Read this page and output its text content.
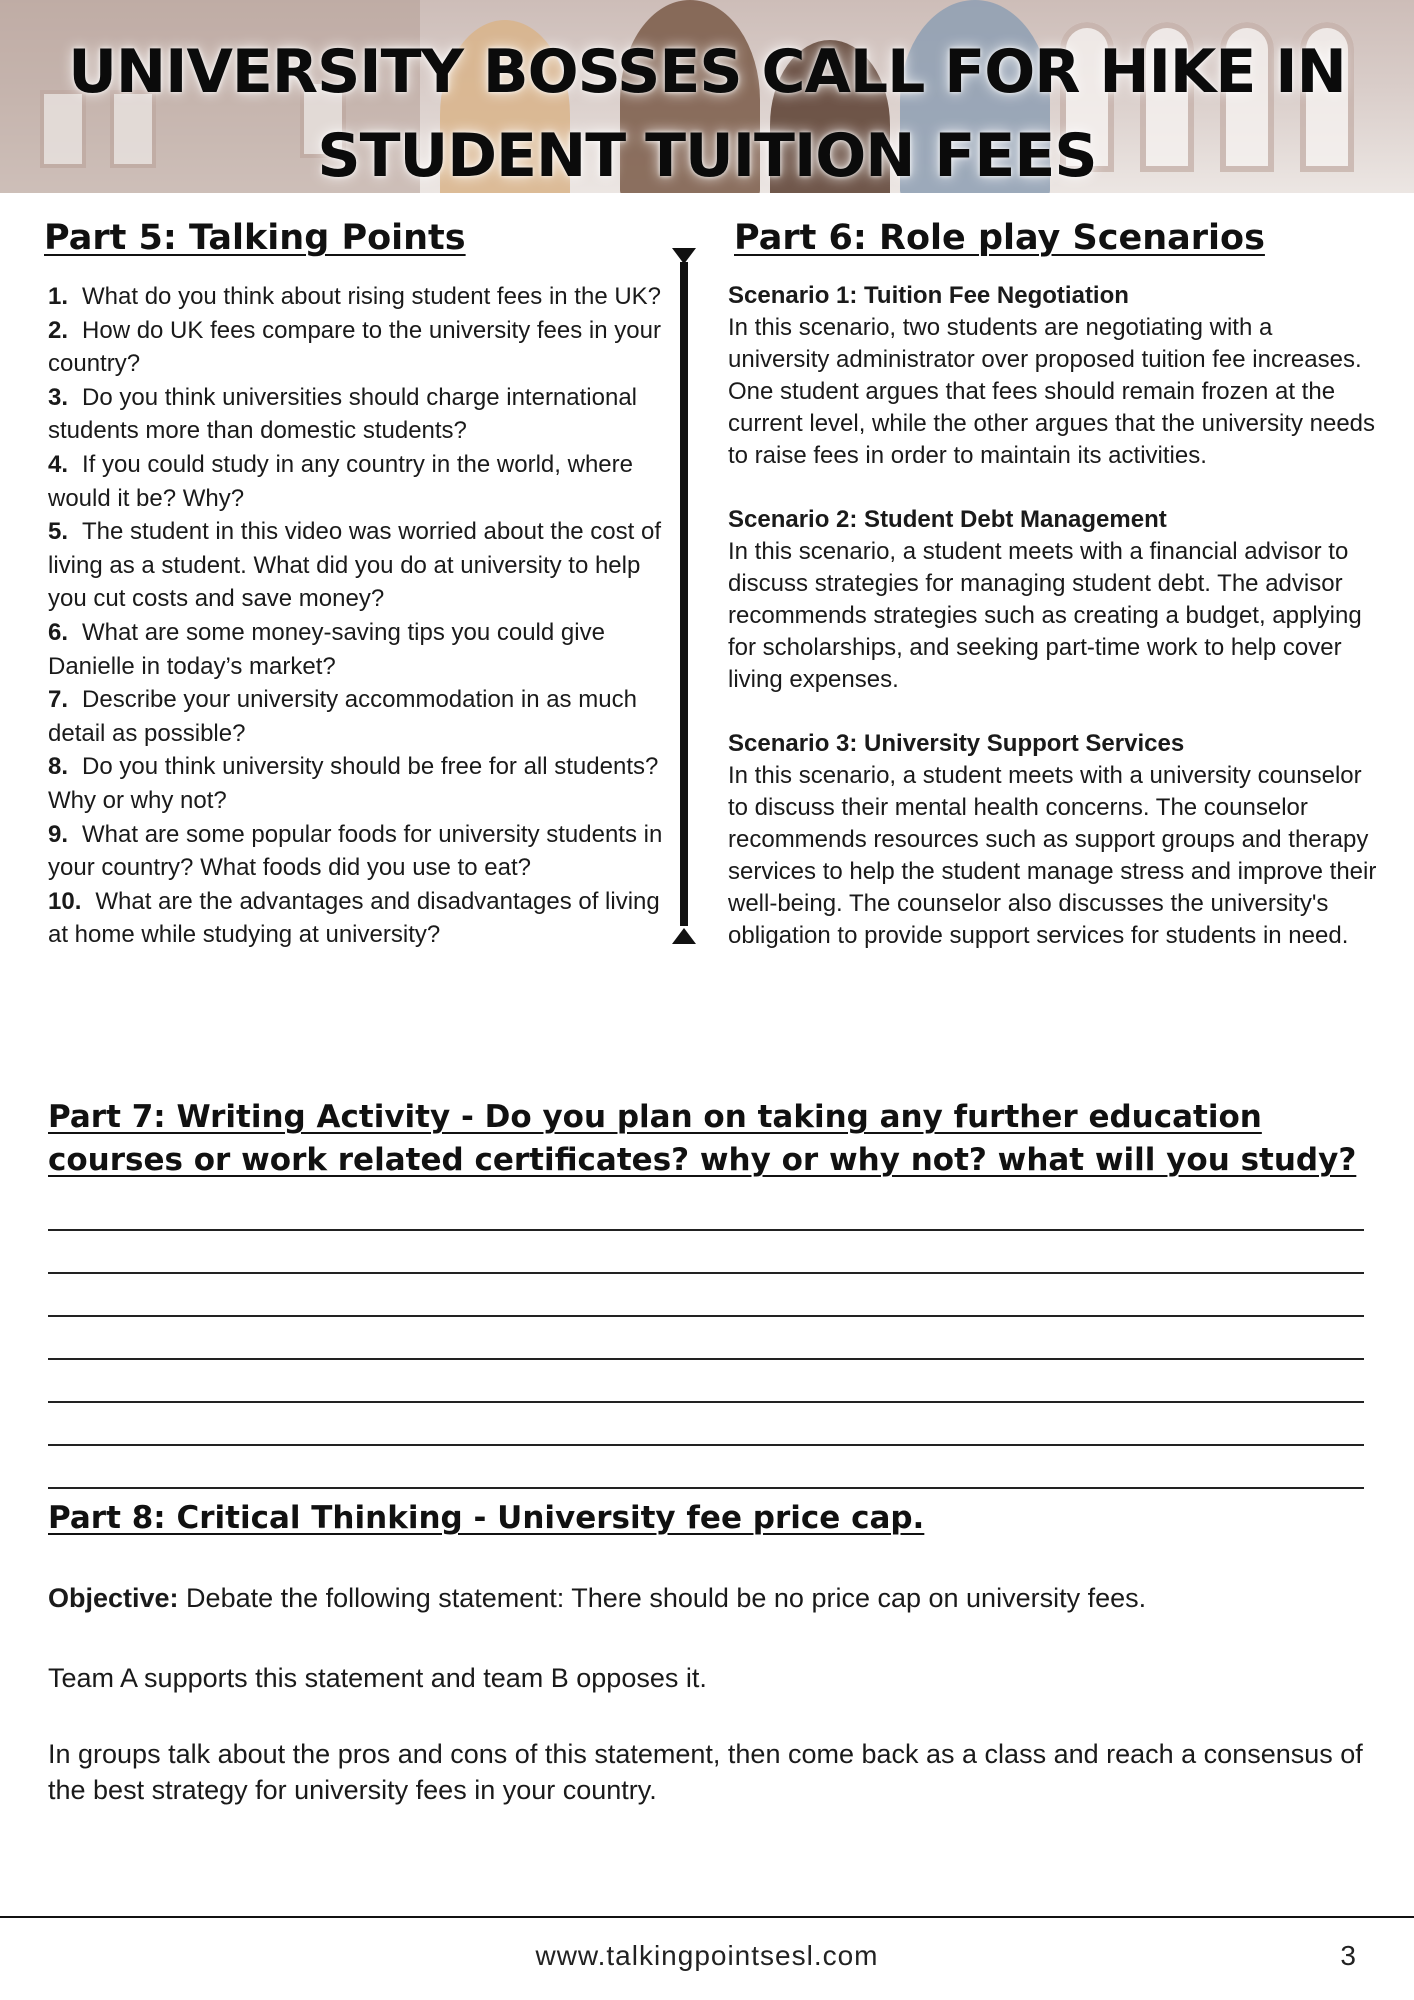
UNIVERSITY BOSSES CALL FOR HIKE IN
STUDENT TUITION FEES
Part 5: Talking Points
1. What do you think about rising student fees in the UK?
2. How do UK fees compare to the university fees in your country?
3. Do you think universities should charge international students more than domestic students?
4. If you could study in any country in the world, where would it be? Why?
5. The student in this video was worried about the cost of living as a student. What did you do at university to help you cut costs and save money?
6. What are some money-saving tips you could give Danielle in today’s market?
7. Describe your university accommodation in as much detail as possible?
8. Do you think university should be free for all students? Why or why not?
9. What are some popular foods for university students in your country? What foods did you use to eat?
10. What are the advantages and disadvantages of living at home while studying at university?
Part 6: Role play Scenarios

Scenario 1: Tuition Fee Negotiation

In this scenario, two students are negotiating with a university administrator over proposed tuition fee increases. One student argues that fees should remain frozen at the current level, while the other argues that the university needs to raise fees in order to maintain its activities.

Scenario 2: Student Debt Management

In this scenario, a student meets with a financial advisor to discuss strategies for managing student debt. The advisor recommends strategies such as creating a budget, applying for scholarships, and seeking part-time work to help cover living expenses.

Scenario 3: University Support Services

In this scenario, a student meets with a university counselor to discuss their mental health concerns. The counselor recommends resources such as support groups and therapy services to help the student manage stress and improve their well-being. The counselor also discusses the university's obligation to provide support services for students in need.

Part 7: Writing Activity - Do you plan on taking any further education courses or work related certificates? why or why not? what will you study?
Part 8: Critical Thinking - University fee price cap.

Objective: Debate the following statement: There should be no price cap on university fees.

Team A supports this statement and team B opposes it.

In groups talk about the pros and cons of this statement, then come back as a class and reach a consensus of the best strategy for university fees in your country.

www.talkingpointsesl.com	3
